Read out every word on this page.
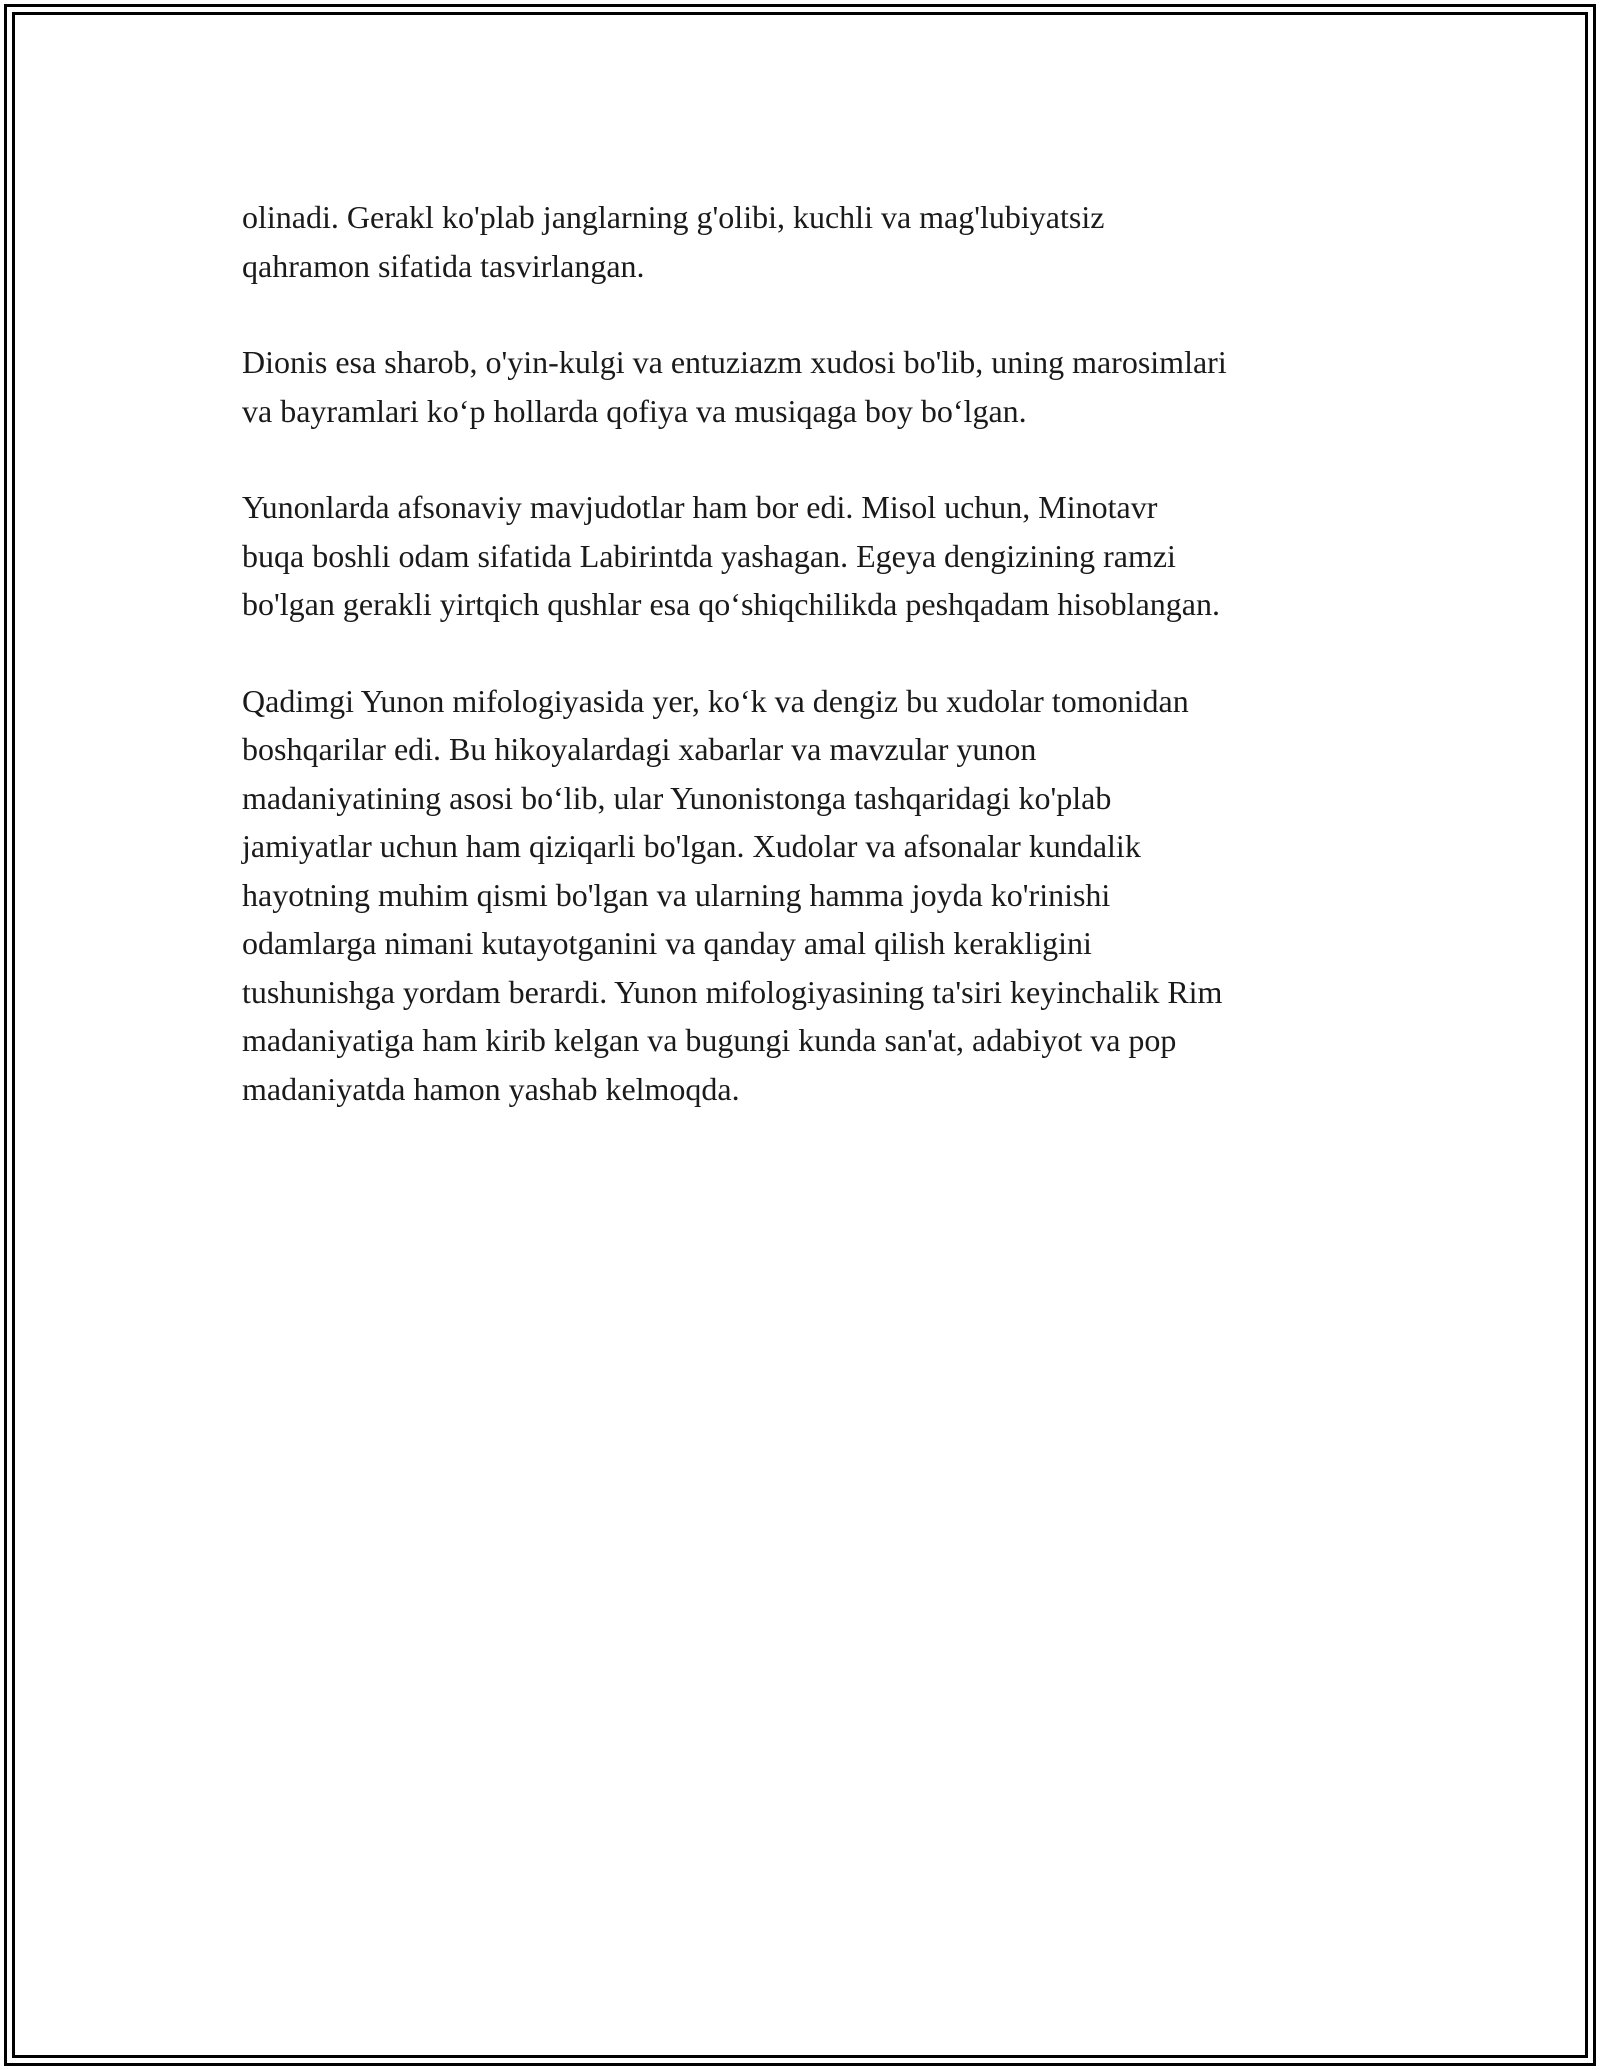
olinadi. Gerakl ko'plab janglarning g'olibi, kuchli va mag'lubiyatsiz
qahramon sifatida tasvirlangan.

Dionis esa sharob, o'yin-kulgi va entuziazm xudosi bo'lib, uning marosimlari
va bayramlari ko‘p hollarda qofiya va musiqaga boy bo‘lgan.

Yunonlarda afsonaviy mavjudotlar ham bor edi. Misol uchun, Minotavr
buqa boshli odam sifatida Labirintda yashagan. Egeya dengizining ramzi
bo'lgan gerakli yirtqich qushlar esa qo‘shiqchilikda peshqadam hisoblangan.

Qadimgi Yunon mifologiyasida yer, ko‘k va dengiz bu xudolar tomonidan
boshqarilar edi. Bu hikoyalardagi xabarlar va mavzular yunon
madaniyatining asosi bo‘lib, ular Yunonistonga tashqaridagi ko'plab
jamiyatlar uchun ham qiziqarli bo'lgan. Xudolar va afsonalar kundalik
hayotning muhim qismi bo'lgan va ularning hamma joyda ko'rinishi
odamlarga nimani kutayotganini va qanday amal qilish kerakligini
tushunishga yordam berardi. Yunon mifologiyasining ta'siri keyinchalik Rim
madaniyatiga ham kirib kelgan va bugungi kunda san'at, adabiyot va pop
madaniyatda hamon yashab kelmoqda.
